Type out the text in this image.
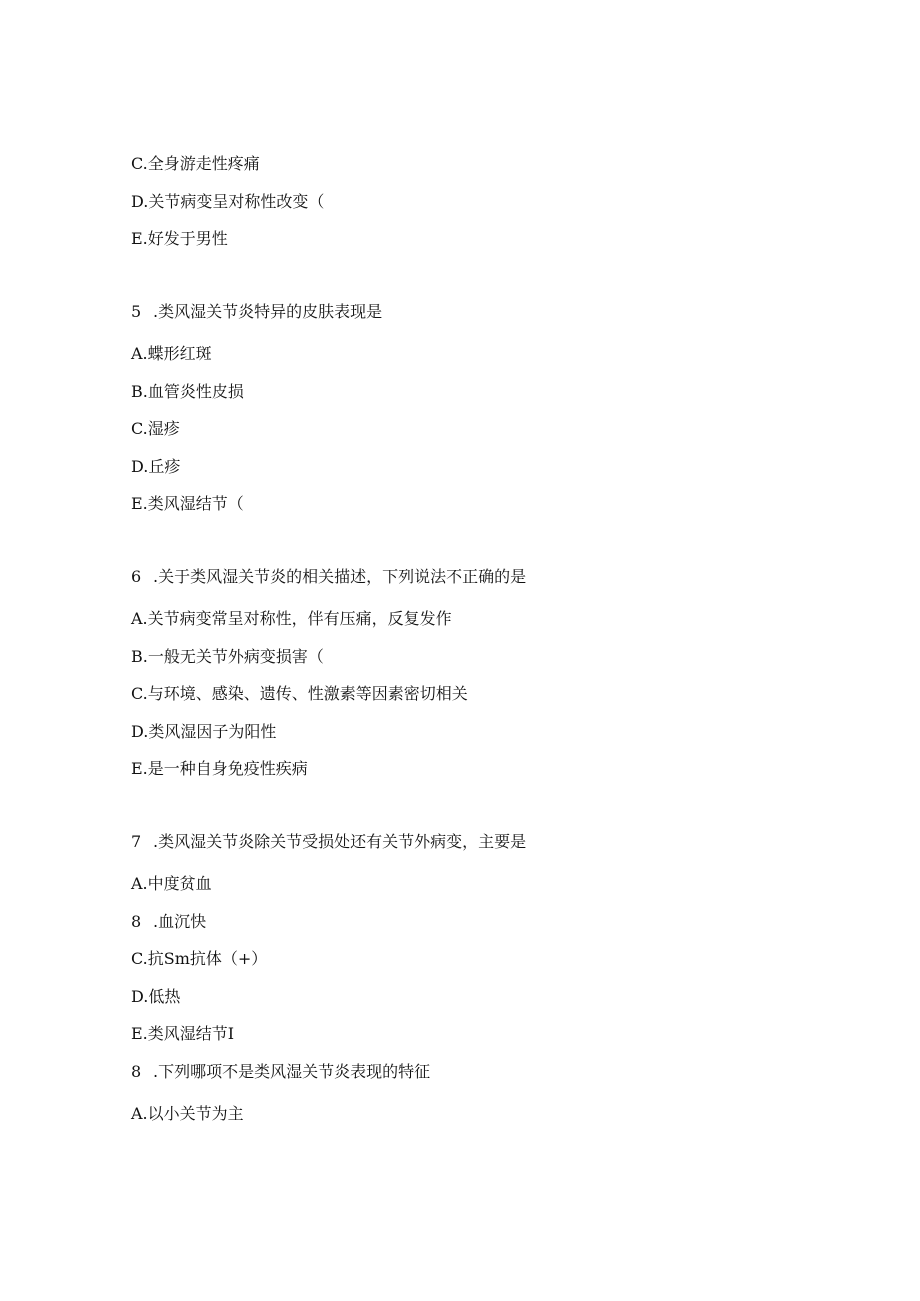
C.全身游走性疼痛
D.关节病变呈对称性改变（
E.好发于男性
5 .类风湿关节炎特异的皮肤表现是
A.蝶形红斑
B.血管炎性皮损
C.湿疹
D.丘疹
E.类风湿结节（
6 .关于类风湿关节炎的相关描述，下列说法不正确的是
A.关节病变常呈对称性，伴有压痛，反复发作
B.一般无关节外病变损害（
C.与环境、感染、遗传、性激素等因素密切相关
D.类风湿因子为阳性
E.是一种自身免疫性疾病
7 .类风湿关节炎除关节受损处还有关节外病变，主要是
A.中度贫血
8 .血沉快
C.抗Sm抗体（+）
D.低热
E.类风湿结节I
8 .下列哪项不是类风湿关节炎表现的特征
A.以小关节为主
